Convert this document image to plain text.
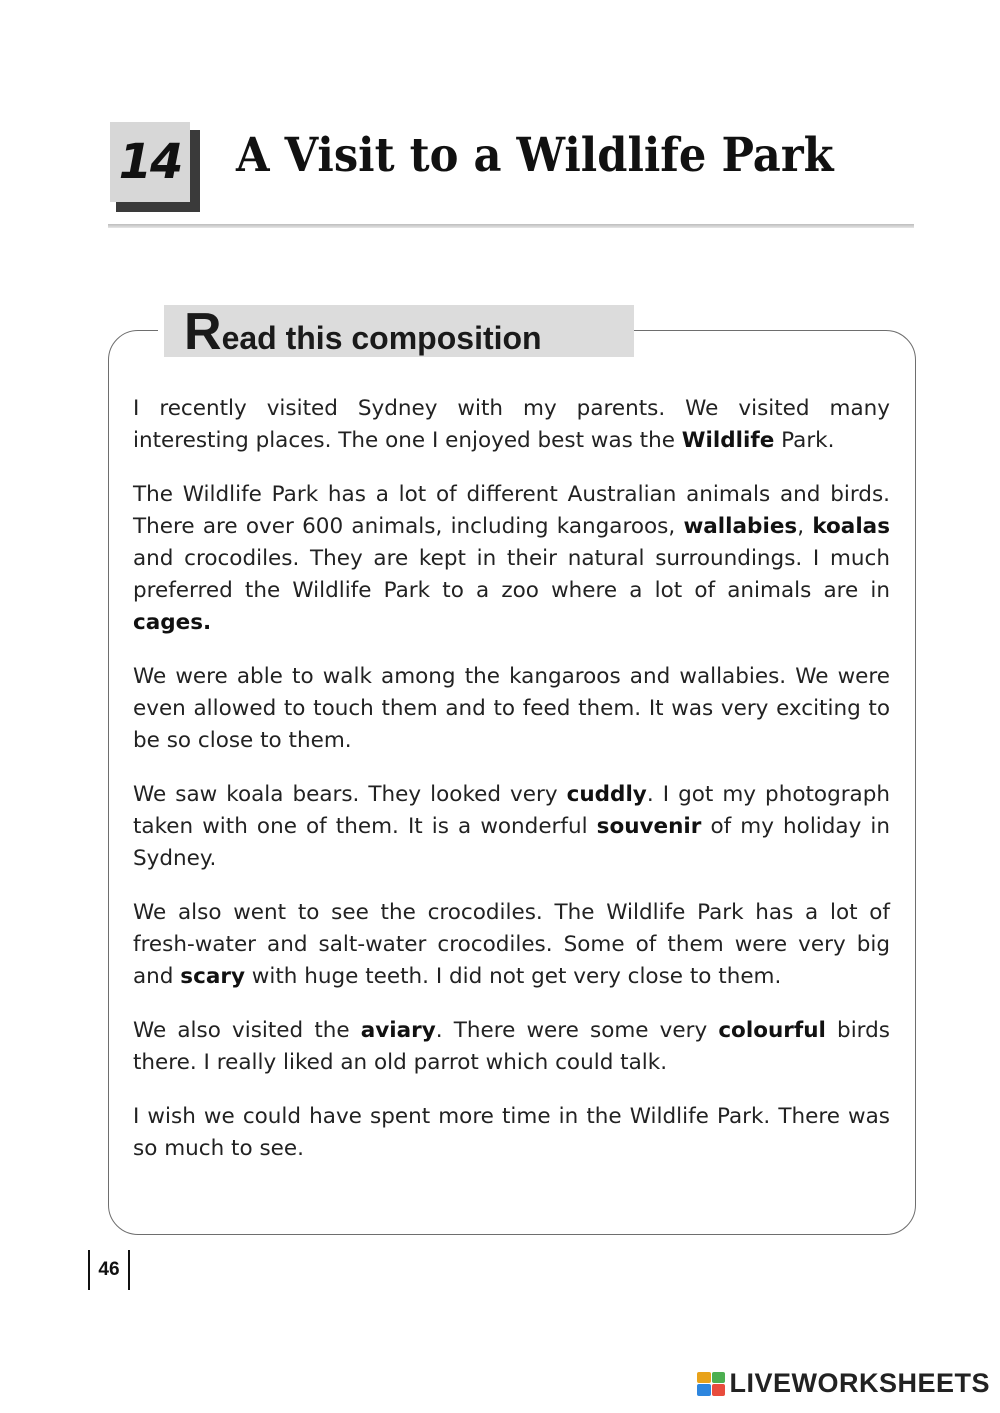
14 A Visit to a Wildlife Park
Read this composition

I recently visited Sydney with my parents. We visited many interesting places. The one I enjoyed best was the Wildlife Park.

The Wildlife Park has a lot of different Australian animals and birds. There are over 600 animals, including kangaroos, wallabies, koalas and crocodiles. They are kept in their natural surroundings. I much preferred the Wildlife Park to a zoo where a lot of animals are in cages.

We were able to walk among the kangaroos and wallabies. We were even allowed to touch them and to feed them. It was very exciting to be so close to them.

We saw koala bears. They looked very cuddly. I got my photograph taken with one of them. It is a wonderful souvenir of my holiday in Sydney.

We also went to see the crocodiles. The Wildlife Park has a lot of fresh-water and salt-water crocodiles. Some of them were very big and scary with huge teeth. I did not get very close to them.

We also visited the aviary. There were some very colourful birds there. I really liked an old parrot which could talk.

I wish we could have spent more time in the Wildlife Park. There was so much to see.

46
LIVEWORKSHEETS
